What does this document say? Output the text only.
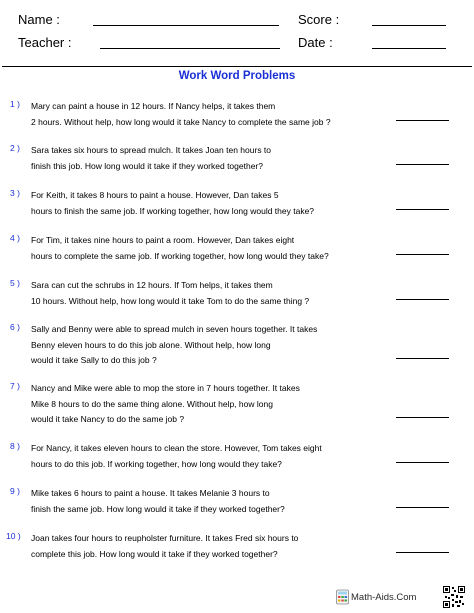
Name :	Score :
Teacher :	Date :
Work Word Problems
1 )	Mary can paint a house in 12 hours. If Nancy helps, it takes them
2 hours. Without help, how long would it take Nancy to complete the same job ?
2 )	Sara takes six hours to spread mulch. It takes Joan ten hours to
finish this job. How long would it take if they worked together?
3 )	For Keith, it takes 8 hours to paint a house. However, Dan takes 5
hours to finish the same job. If working together, how long would they take?
4 )	For Tim, it takes nine hours to paint a room. However, Dan takes eight
hours to complete the same job. If working together, how long would they take?
5 )	Sara can cut the schrubs in 12 hours. If Tom helps, it takes them
10 hours. Without help, how long would it take Tom to do the same thing ?
6 )	Sally and Benny were able to spread mulch in seven hours together. It takes
Benny eleven hours to do this job alone. Without help, how long
would it take Sally to do this job ?
7 )	Nancy and Mike were able to mop the store in 7 hours together. It takes
Mike 8 hours to do the same thing alone. Without help, how long
would it take Nancy to do the same job ?
8 )	For Nancy, it takes eleven hours to clean the store. However, Tom takes eight
hours to do this job. If working together, how long would they take?
9 )	Mike takes 6 hours to paint a house. It takes Melanie 3 hours to
finish the same job. How long would it take if they worked together?
10 )	Joan takes four hours to reupholster furniture. It takes Fred six hours to
complete this job. How long would it take if they worked together?
Math-Aids.Com
